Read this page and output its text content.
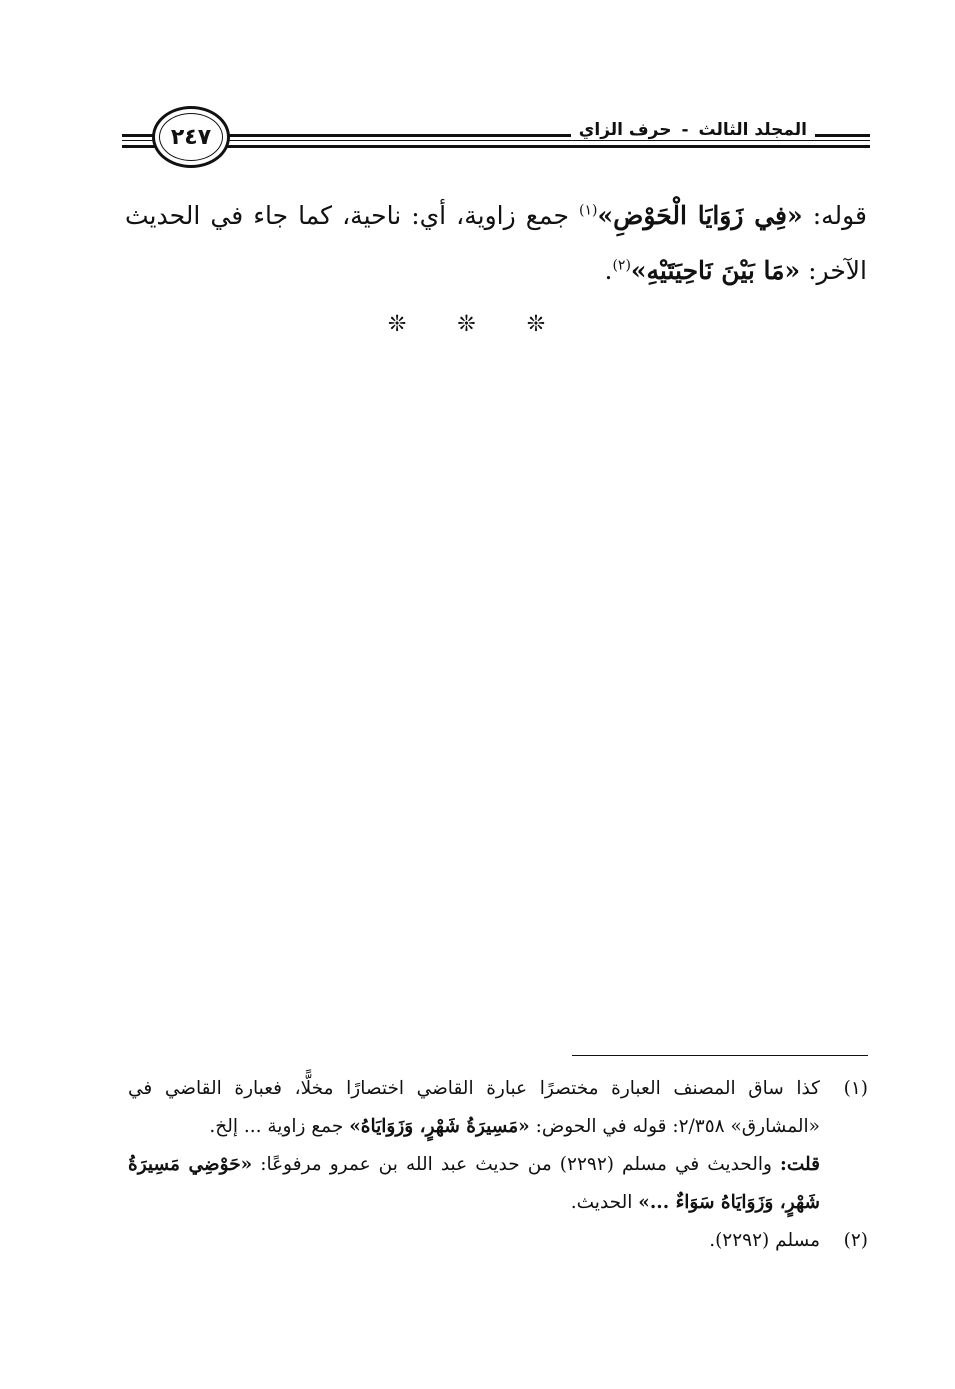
المجلد الثالث-حرف الزاي
٢٤٧
قوله: «فِي زَوَايَا الْحَوْضِ»$^{(١)}$ جمع زاوية، أي: ناحية، كما جاء في الحديث الآخر: «مَا بَيْنَ نَاحِيَتَيْهِ»$^{(٢)}$.
❊ ❊ ❊
(١)
كذا ساق المصنف العبارة مختصرًا عبارة القاضي اختصارًا مخلًّا، فعبارة القاضي في «المشارق» ٢/٣٥٨: قوله في الحوض: «مَسِيرَةُ شَهْرٍ، وَزَوَايَاهُ» جمع زاوية ... إلخ.
قلت: والحديث في مسلم (٢٢٩٢) من حديث عبد الله بن عمرو مرفوعًا: «حَوْضِي مَسِيرَةُ شَهْرٍ، وَزَوَايَاهُ سَوَاءٌ ...» الحديث.
(٢)
مسلم (٢٢٩٢).
